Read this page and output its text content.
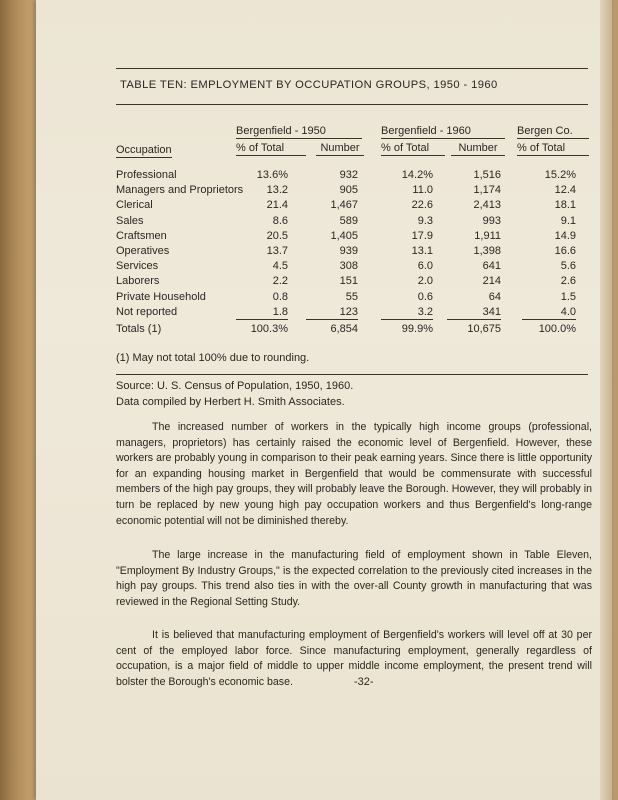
TABLE TEN: EMPLOYMENT BY OCCUPATION GROUPS, 1950 - 1960
Bergenfield - 1950	Bergenfield - 1960	Bergen Co.
Occupation	% of Total	Number	% of Total	Number	% of Total
Professional	13.6%	932	14.2%	1,516	15.2%
Managers and Proprietors	13.2	905	11.0	1,174	12.4
Clerical	21.4	1,467	22.6	2,413	18.1
Sales	8.6	589	9.3	993	9.1
Craftsmen	20.5	1,405	17.9	1,911	14.9
Operatives	13.7	939	13.1	1,398	16.6
Services	4.5	308	6.0	641	5.6
Laborers	2.2	151	2.0	214	2.6
Private Household	0.8	55	0.6	64	1.5
Not reported	1.8	123	3.2	341	4.0
Totals (1)	100.3%	6,854	99.9%	10,675	100.0%
(1) May not total 100% due to rounding.
Source: U. S. Census of Population, 1950, 1960.
Data compiled by Herbert H. Smith Associates.
The increased number of workers in the typically high income groups (professional, managers, proprietors) has certainly raised the economic level of Bergenfield. However, these workers are probably young in comparison to their peak earning years. Since there is little opportunity for an expanding housing market in Bergenfield that would be commensurate with successful members of the high pay groups, they will probably leave the Borough. However, they will probably in turn be replaced by new young high pay occupation workers and thus Bergenfield's long-range economic potential will not be diminished thereby.
The large increase in the manufacturing field of employment shown in Table Eleven, "Employment By Industry Groups," is the expected correlation to the previously cited increases in the high pay groups. This trend also ties in with the over-all County growth in manufacturing that was reviewed in the Regional Setting Study.
It is believed that manufacturing employment of Bergenfield's workers will level off at 30 per cent of the employed labor force. Since manufacturing employment, generally regardless of occupation, is a major field of middle to upper middle income employment, the present trend will bolster the Borough's economic base.	-32-
